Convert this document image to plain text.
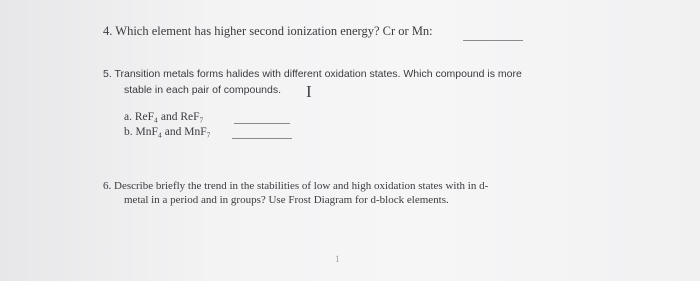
4. Which element has higher second ionization energy? Cr or Mn:
5. Transition metals forms halides with different oxidation states. Which compound is more
stable in each pair of compounds. I
a. ReF₄ and ReF₇
b. MnF₄ and MnF₇
6. Describe briefly the trend in the stabilities of low and high oxidation states with in d-
metal in a period and in groups? Use Frost Diagram for d-block elements.
1
